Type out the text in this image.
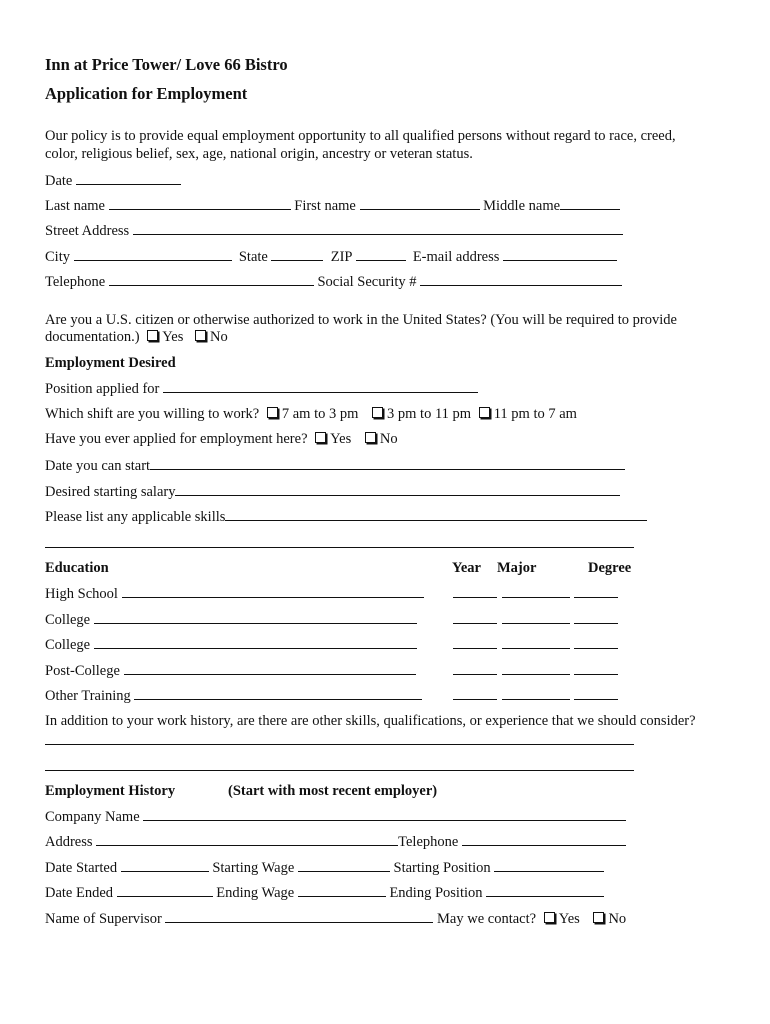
Inn at Price Tower/ Love 66 Bistro
Application for Employment
Our policy is to provide equal employment opportunity to all qualified persons without regard to race, creed,
color, religious belief, sex, age, national origin, ancestry or veteran status.
Date
Last name	First name	Middle name
Street Address
City	State	ZIP	E-mail address
Telephone	Social Security #
Are you a U.S. citizen or otherwise authorized to work in the United States? (You will be required to provide
documentation.) Yes No
Employment Desired
Position applied for
Which shift are you willing to work? 7 am to 3 pm 3 pm to 11 pm 11 pm to 7 am
Have you ever applied for employment here? Yes No
Date you can start
Desired starting salary
Please list any applicable skills
Education	Year Major	Degree
High School
College
College
Post-College
Other Training
In addition to your work history, are there are other skills, qualifications, or experience that we should consider?
Employment History	(Start with most recent employer)
Company Name
Address	Telephone
Date Started	Starting Wage	Starting Position
Date Ended	Ending Wage	Ending Position
Name of Supervisor	May we contact? Yes No
